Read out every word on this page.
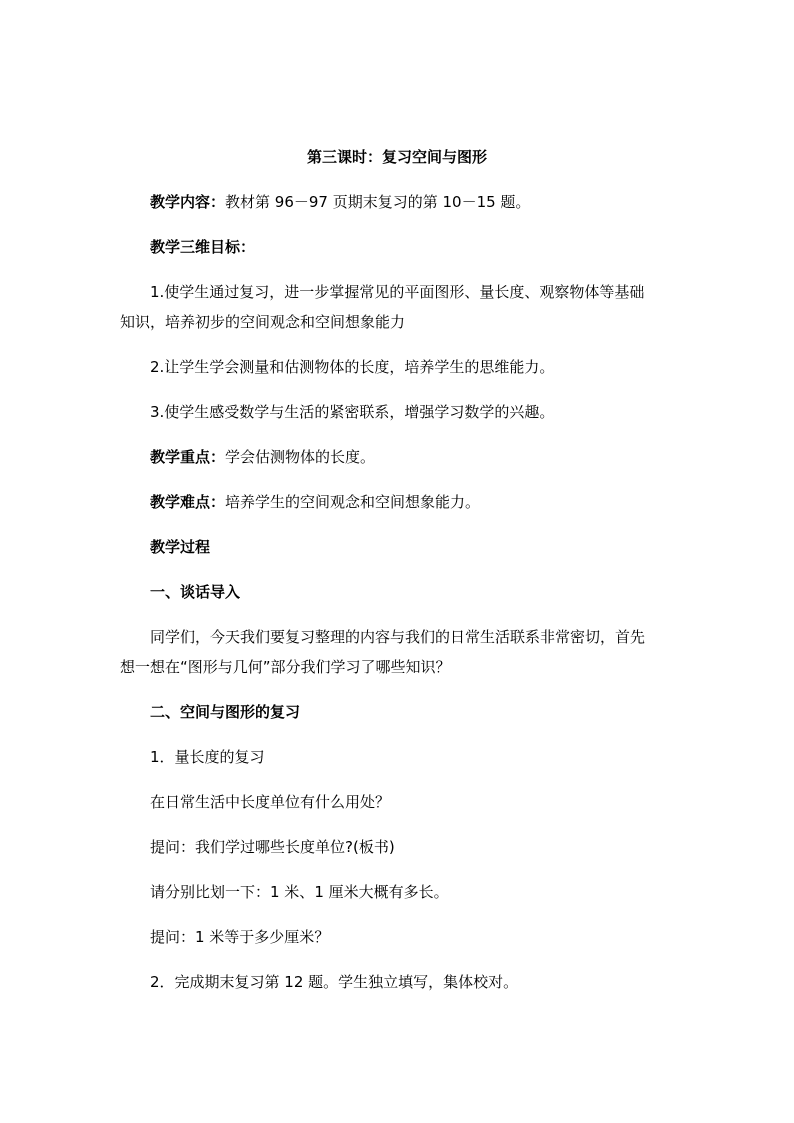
第三课时：复习空间与图形
教学内容：教材第 96－97 页期末复习的第 10－15 题。
教学三维目标：
1.使学生通过复习，进一步掌握常见的平面图形、量长度、观察物体等基础
知识，培养初步的空间观念和空间想象能力
2.让学生学会测量和估测物体的长度，培养学生的思维能力。
3.使学生感受数学与生活的紧密联系，增强学习数学的兴趣。
教学重点：学会估测物体的长度。
教学难点：培养学生的空间观念和空间想象能力。
教学过程
一、谈话导入
同学们，今天我们要复习整理的内容与我们的日常生活联系非常密切，首先
想一想在“图形与几何”部分我们学习了哪些知识？
二、空间与图形的复习
1．量长度的复习
在日常生活中长度单位有什么用处？
提问：我们学过哪些长度单位?(板书)
请分别比划一下：1 米、1 厘米大概有多长。
提问：1 米等于多少厘米？
2．完成期末复习第 12 题。学生独立填写，集体校对。
